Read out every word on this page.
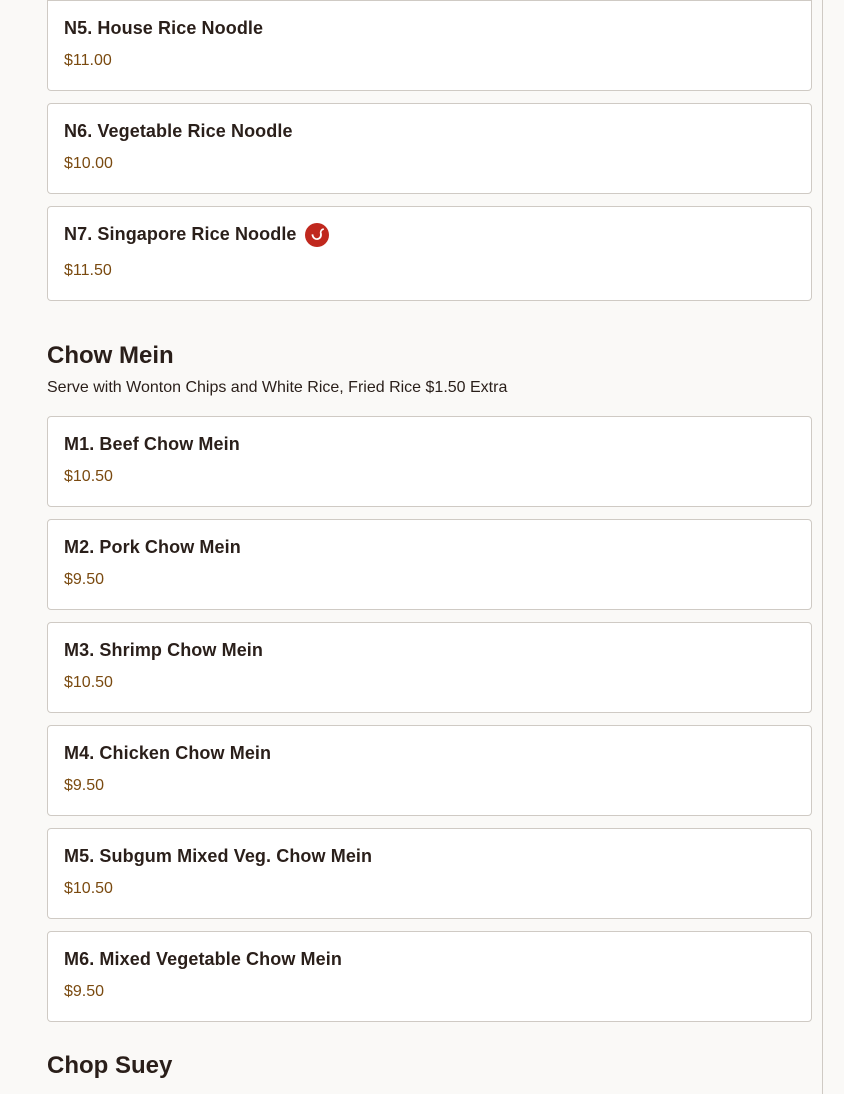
N5. House Rice Noodle
$11.00
N6. Vegetable Rice Noodle
$10.00
N7. Singapore Rice Noodle
$11.50
Chow Mein
Serve with Wonton Chips and White Rice, Fried Rice $1.50 Extra
M1. Beef Chow Mein
$10.50
M2. Pork Chow Mein
$9.50
M3. Shrimp Chow Mein
$10.50
M4. Chicken Chow Mein
$9.50
M5. Subgum Mixed Veg. Chow Mein
$10.50
M6. Mixed Vegetable Chow Mein
$9.50
Chop Suey
